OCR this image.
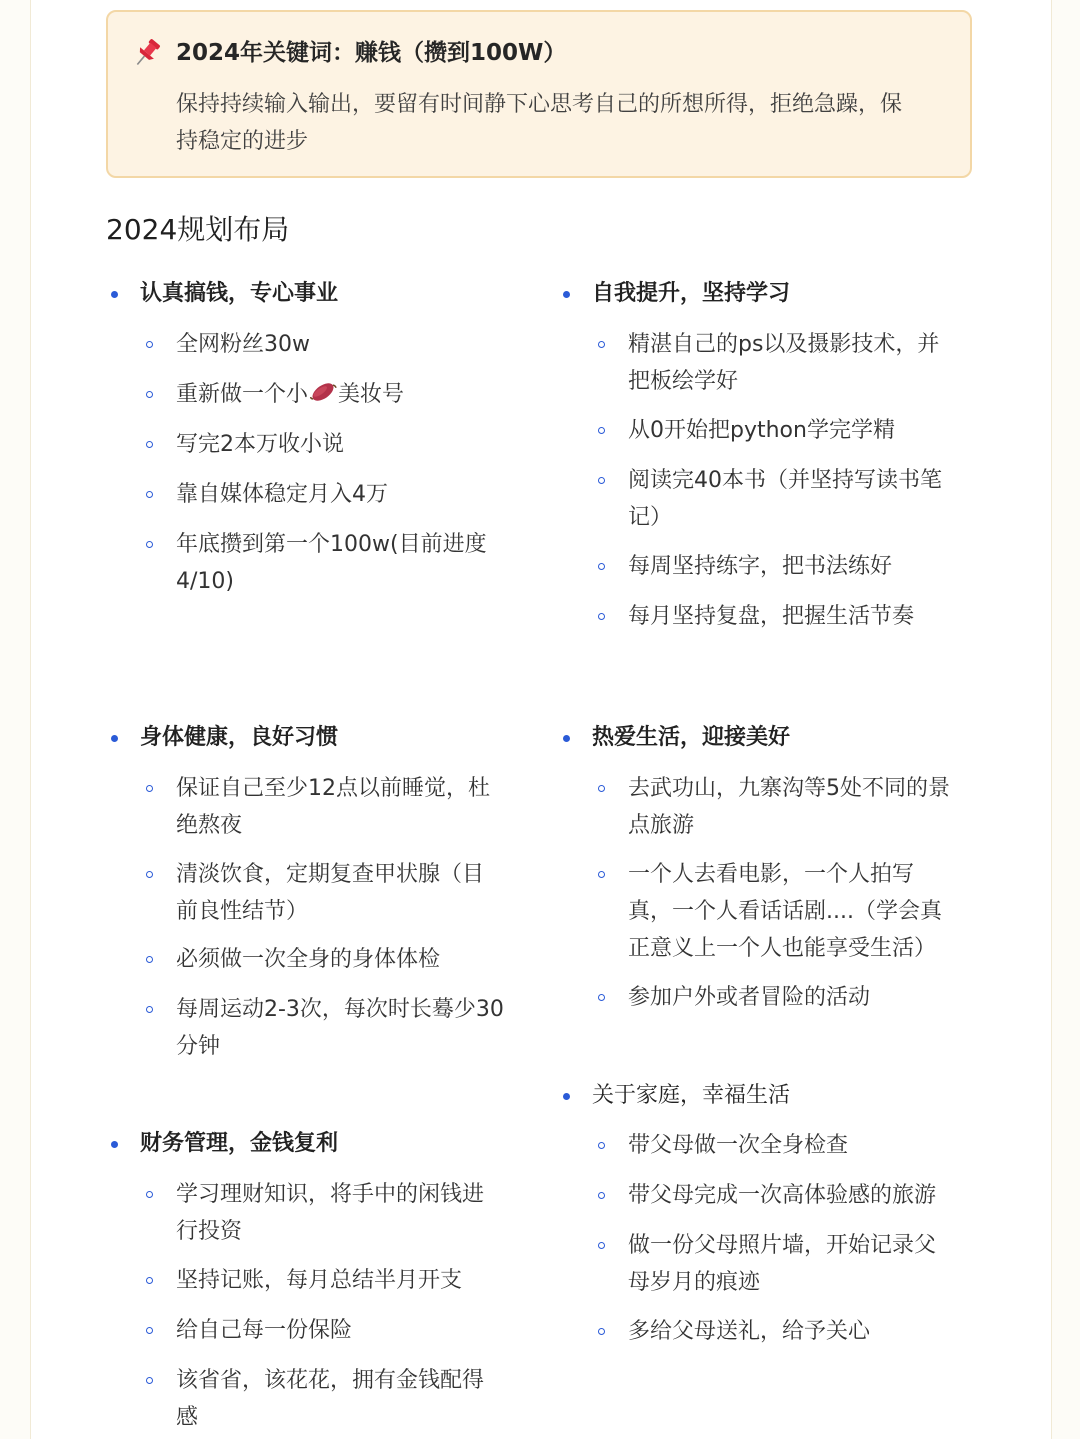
2024年关键词：赚钱（攒到100W）
保持持续输入输出，要留有时间静下心思考自己的所想所得，拒绝急躁，保
持稳定的进步
2024规划布局
认真搞钱，专心事业
全网粉丝30w
重新做一个小 美妆号
写完2本万收小说
靠自媒体稳定月入4万
年底攒到第一个100w(目前进度
4/10)
身体健康，良好习惯
保证自己至少12点以前睡觉，杜
绝熬夜
清淡饮食，定期复查甲状腺（目
前良性结节）
必须做一次全身的身体体检
每周运动2-3次，每次时长蓦少30
分钟
财务管理，金钱复利
学习理财知识，将手中的闲钱进
行投资
坚持记账，每月总结半月开支
给自己每一份保险
该省省，该花花，拥有金钱配得
感
自我提升，坚持学习
精湛自己的ps以及摄影技术，并
把板绘学好
从0开始把python学完学精
阅读完40本书（并坚持写读书笔
记）
每周坚持练字，把书法练好
每月坚持复盘，把握生活节奏
热爱生活，迎接美好
去武功山，九寨沟等5处不同的景
点旅游
一个人去看电影，一个人拍写
真，一个人看话话剧....（学会真
正意义上一个人也能享受生活）
参加户外或者冒险的活动
关于家庭，幸福生活
带父母做一次全身检查
带父母完成一次高体验感的旅游
做一份父母照片墙，开始记录父
母岁月的痕迹
多给父母送礼，给予关心
